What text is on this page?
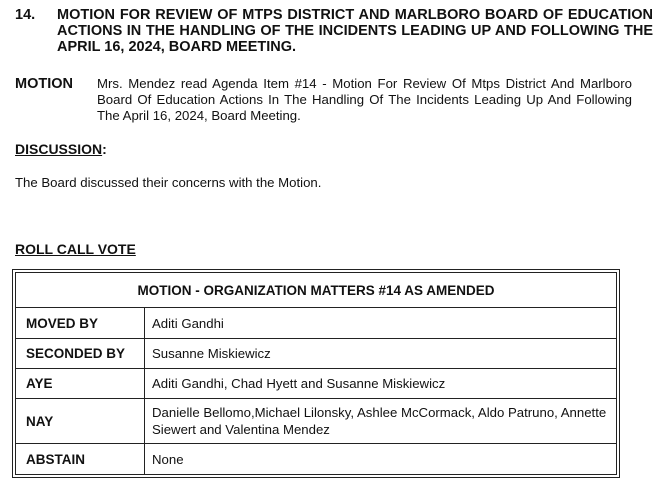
14. MOTION FOR REVIEW OF MTPS DISTRICT AND MARLBORO BOARD OF EDUCATION ACTIONS IN THE HANDLING OF THE INCIDENTS LEADING UP AND FOLLOWING THE APRIL 16, 2024, BOARD MEETING.
MOTION Mrs. Mendez read Agenda Item #14 - Motion For Review Of Mtps District And Marlboro Board Of Education Actions In The Handling Of The Incidents Leading Up And Following The April 16, 2024, Board Meeting.
DISCUSSION:
The Board discussed their concerns with the Motion.
ROLL CALL VOTE
MOTION - ORGANIZATION MATTERS #14 AS AMENDED	
MOVED BY	Aditi Gandhi
SECONDED BY	Susanne Miskiewicz
AYE	Aditi Gandhi, Chad Hyett and Susanne Miskiewicz
NAY	Danielle Bellomo,Michael Lilonsky, Ashlee McCormack, Aldo Patruno, Annette Siewert and Valentina Mendez
ABSTAIN	None
